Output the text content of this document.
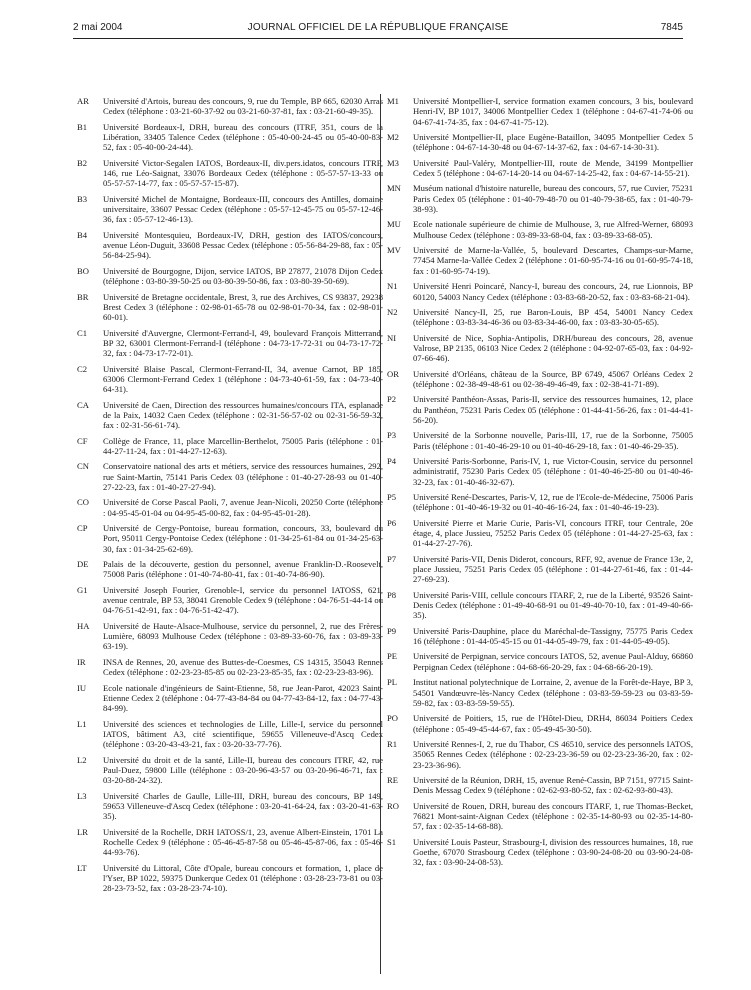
2 mai 2004	JOURNAL OFFICIEL DE LA RÉPUBLIQUE FRANÇAISE	7845
AR	Université d'Artois, bureau des concours, 9, rue du Temple, BP 665, 62030 Arras Cedex (téléphone : 03-21-60-37-92 ou 03-21-60-37-81, fax : 03-21-60-49-35).
B1	Université Bordeaux-I, DRH, bureau des concours (ITRF, 351, cours de la Libération, 33405 Talence Cedex (téléphone : 05-40-00-24-45 ou 05-40-00-83-52, fax : 05-40-00-24-44).
B2	Université Victor-Segalen IATOS, Bordeaux-II, div.pers.idatos, concours ITRF, 146, rue Léo-Saignat, 33076 Bordeaux Cedex (téléphone : 05-57-57-13-33 ou 05-57-57-14-77, fax : 05-57-57-15-87).
B3	Université Michel de Montaigne, Bordeaux-III, concours des Antilles, domaine universitaire, 33607 Pessac Cedex (téléphone : 05-57-12-45-75 ou 05-57-12-46-36, fax : 05-57-12-46-13).
B4	Université Montesquieu, Bordeaux-IV, DRH, gestion des IATOS/concours, avenue Léon-Duguit, 33608 Pessac Cedex (téléphone : 05-56-84-29-88, fax : 05-56-84-25-94).
BO	Université de Bourgogne, Dijon, service IATOS, BP 27877, 21078 Dijon Cedex (téléphone : 03-80-39-50-25 ou 03-80-39-50-86, fax : 03-80-39-50-69).
BR	Université de Bretagne occidentale, Brest, 3, rue des Archives, CS 93837, 29238 Brest Cedex 3 (téléphone : 02-98-01-65-78 ou 02-98-01-70-34, fax : 02-98-01-60-01).
C1	Université d'Auvergne, Clermont-Ferrand-I, 49, boulevard François Mitterrand, BP 32, 63001 Clermont-Ferrand-I (téléphone : 04-73-17-72-31 ou 04-73-17-72-32, fax : 04-73-17-72-01).
C2	Université Blaise Pascal, Clermont-Ferrand-II, 34, avenue Carnot, BP 185, 63006 Clermont-Ferrand Cedex 1 (téléphone : 04-73-40-61-59, fax : 04-73-40-64-31).
CA	Université de Caen, Direction des ressources humaines/concours ITA, esplanade de la Paix, 14032 Caen Cedex (téléphone : 02-31-56-57-02 ou 02-31-56-59-32, fax : 02-31-56-61-74).
CF	Collège de France, 11, place Marcellin-Berthelot, 75005 Paris (téléphone : 01-44-27-11-24, fax : 01-44-27-12-63).
CN	Conservatoire national des arts et métiers, service des ressources humaines, 292, rue Saint-Martin, 75141 Paris Cedex 03 (téléphone : 01-40-27-28-93 ou 01-40-27-22-23, fax : 01-40-27-27-94).
CO	Université de Corse Pascal Paoli, 7, avenue Jean-Nicoli, 20250 Corte (téléphone : 04-95-45-01-04 ou 04-95-45-00-82, fax : 04-95-45-01-28).
CP	Université de Cergy-Pontoise, bureau formation, concours, 33, boulevard du Port, 95011 Cergy-Pontoise Cedex (téléphone : 01-34-25-61-84 ou 01-34-25-63-30, fax : 01-34-25-62-69).
DE	Palais de la découverte, gestion du personnel, avenue Franklin-D.-Roosevelt, 75008 Paris (téléphone : 01-40-74-80-41, fax : 01-40-74-86-90).
G1	Université Joseph Fourier, Grenoble-I, service du personnel IATOSS, 621, avenue centrale, BP 53, 38041 Grenoble Cedex 9 (téléphone : 04-76-51-44-14 ou 04-76-51-42-91, fax : 04-76-51-42-47).
HA	Université de Haute-Alsace-Mulhouse, service du personnel, 2, rue des Frères-Lumière, 68093 Mulhouse Cedex (téléphone : 03-89-33-60-76, fax : 03-89-33-63-19).
IR	INSA de Rennes, 20, avenue des Buttes-de-Coesmes, CS 14315, 35043 Rennes Cedex (téléphone : 02-23-23-85-85 ou 02-23-23-85-35, fax : 02-23-23-83-96).
IU	Ecole nationale d'ingénieurs de Saint-Etienne, 58, rue Jean-Parot, 42023 Saint-Etienne Cedex 2 (téléphone : 04-77-43-84-84 ou 04-77-43-84-12, fax : 04-77-43-84-99).
L1	Université des sciences et technologies de Lille, Lille-I, service du personnel IATOS, bâtiment A3, cité scientifique, 59655 Villeneuve-d'Ascq Cedex (téléphone : 03-20-43-43-21, fax : 03-20-33-77-76).
L2	Université du droit et de la santé, Lille-II, bureau des concours ITRF, 42, rue Paul-Duez, 59800 Lille (téléphone : 03-20-96-43-57 ou 03-20-96-46-71, fax : 03-20-88-24-32).
L3	Université Charles de Gaulle, Lille-III, DRH, bureau des concours, BP 149, 59653 Villeneuve-d'Ascq Cedex (téléphone : 03-20-41-64-24, fax : 03-20-41-63-35).
LR	Université de la Rochelle, DRH IATOSS/1, 23, avenue Albert-Einstein, 1701 La Rochelle Cedex 9 (téléphone : 05-46-45-87-58 ou 05-46-45-87-06, fax : 05-46-44-93-76).
LT	Université du Littoral, Côte d'Opale, bureau concours et formation, 1, place de l'Yser, BP 1022, 59375 Dunkerque Cedex 01 (téléphone : 03-28-23-73-81 ou 03-28-23-73-52, fax : 03-28-23-74-10).
M1	Université Montpellier-I, service formation examen concours, 3 bis, boulevard Henri-IV, BP 1017, 34006 Montpellier Cedex 1 (téléphone : 04-67-41-74-06 ou 04-67-41-74-35, fax : 04-67-41-75-12).
M2	Université Montpellier-II, place Eugène-Bataillon, 34095 Montpellier Cedex 5 (téléphone : 04-67-14-30-48 ou 04-67-14-37-62, fax : 04-67-14-30-31).
M3	Université Paul-Valéry, Montpellier-III, route de Mende, 34199 Montpellier Cedex 5 (téléphone : 04-67-14-20-14 ou 04-67-14-25-42, fax : 04-67-14-55-21).
MN	Muséum national d'histoire naturelle, bureau des concours, 57, rue Cuvier, 75231 Paris Cedex 05 (téléphone : 01-40-79-48-70 ou 01-40-79-38-65, fax : 01-40-79-38-93).
MU	Ecole nationale supérieure de chimie de Mulhouse, 3, rue Alfred-Werner, 68093 Mulhouse Cedex (téléphone : 03-89-33-68-04, fax : 03-89-33-68-05).
MV	Université de Marne-la-Vallée, 5, boulevard Descartes, Champs-sur-Marne, 77454 Marne-la-Vallée Cedex 2 (téléphone : 01-60-95-74-16 ou 01-60-95-74-18, fax : 01-60-95-74-19).
N1	Université Henri Poincaré, Nancy-I, bureau des concours, 24, rue Lionnois, BP 60120, 54003 Nancy Cedex (téléphone : 03-83-68-20-52, fax : 03-83-68-21-04).
N2	Université Nancy-II, 25, rue Baron-Louis, BP 454, 54001 Nancy Cedex (téléphone : 03-83-34-46-36 ou 03-83-34-46-00, fax : 03-83-30-05-65).
NI	Université de Nice, Sophia-Antipolis, DRH/bureau des concours, 28, avenue Valrose, BP 2135, 06103 Nice Cedex 2 (téléphone : 04-92-07-65-03, fax : 04-92-07-66-46).
OR	Université d'Orléans, château de la Source, BP 6749, 45067 Orléans Cedex 2 (téléphone : 02-38-49-48-61 ou 02-38-49-46-49, fax : 02-38-41-71-89).
P2	Université Panthéon-Assas, Paris-II, service des ressources humaines, 12, place du Panthéon, 75231 Paris Cedex 05 (téléphone : 01-44-41-56-26, fax : 01-44-41-56-20).
P3	Université de la Sorbonne nouvelle, Paris-III, 17, rue de la Sorbonne, 75005 Paris (téléphone : 01-40-46-29-10 ou 01-40-46-29-18, fax : 01-40-46-29-35).
P4	Université Paris-Sorbonne, Paris-IV, 1, rue Victor-Cousin, service du personnel administratif, 75230 Paris Cedex 05 (téléphone : 01-40-46-25-80 ou 01-40-46-32-23, fax : 01-40-46-32-67).
P5	Université René-Descartes, Paris-V, 12, rue de l'Ecole-de-Médecine, 75006 Paris (téléphone : 01-40-46-19-32 ou 01-40-46-16-24, fax : 01-40-46-19-23).
P6	Université Pierre et Marie Curie, Paris-VI, concours ITRF, tour Centrale, 20e étage, 4, place Jussieu, 75252 Paris Cedex 05 (téléphone : 01-44-27-25-63, fax : 01-44-27-27-76).
P7	Université Paris-VII, Denis Diderot, concours, RFF, 92, avenue de France 13e, 2, place Jussieu, 75251 Paris Cedex 05 (téléphone : 01-44-27-61-46, fax : 01-44-27-69-23).
P8	Université Paris-VIII, cellule concours ITARF, 2, rue de la Liberté, 93526 Saint-Denis Cedex (téléphone : 01-49-40-68-91 ou 01-49-40-70-10, fax : 01-49-40-66-35).
P9	Université Paris-Dauphine, place du Maréchal-de-Tassigny, 75775 Paris Cedex 16 (téléphone : 01-44-05-45-15 ou 01-44-05-49-79, fax : 01-44-05-49-05).
PE	Université de Perpignan, service concours IATOS, 52, avenue Paul-Alduy, 66860 Perpignan Cedex (téléphone : 04-68-66-20-29, fax : 04-68-66-20-19).
PL	Institut national polytechnique de Lorraine, 2, avenue de la Forêt-de-Haye, BP 3, 54501 Vandœuvre-lès-Nancy Cedex (téléphone : 03-83-59-59-23 ou 03-83-59-59-82, fax : 03-83-59-59-55).
PO	Université de Poitiers, 15, rue de l'Hôtel-Dieu, DRH4, 86034 Poitiers Cedex (téléphone : 05-49-45-44-67, fax : 05-49-45-30-50).
R1	Université Rennes-I, 2, rue du Thabor, CS 46510, service des personnels IATOS, 35065 Rennes Cedex (téléphone : 02-23-23-36-59 ou 02-23-23-36-20, fax : 02-23-23-36-96).
RE	Université de la Réunion, DRH, 15, avenue René-Cassin, BP 7151, 97715 Saint-Denis Messag Cedex 9 (téléphone : 02-62-93-80-52, fax : 02-62-93-80-43).
RO	Université de Rouen, DRH, bureau des concours ITARF, 1, rue Thomas-Becket, 76821 Mont-saint-Aignan Cedex (téléphone : 02-35-14-80-93 ou 02-35-14-80-57, fax : 02-35-14-68-88).
S1	Université Louis Pasteur, Strasbourg-I, division des ressources humaines, 18, rue Goethe, 67070 Strasbourg Cedex (téléphone : 03-90-24-08-20 ou 03-90-24-08-32, fax : 03-90-24-08-53).
